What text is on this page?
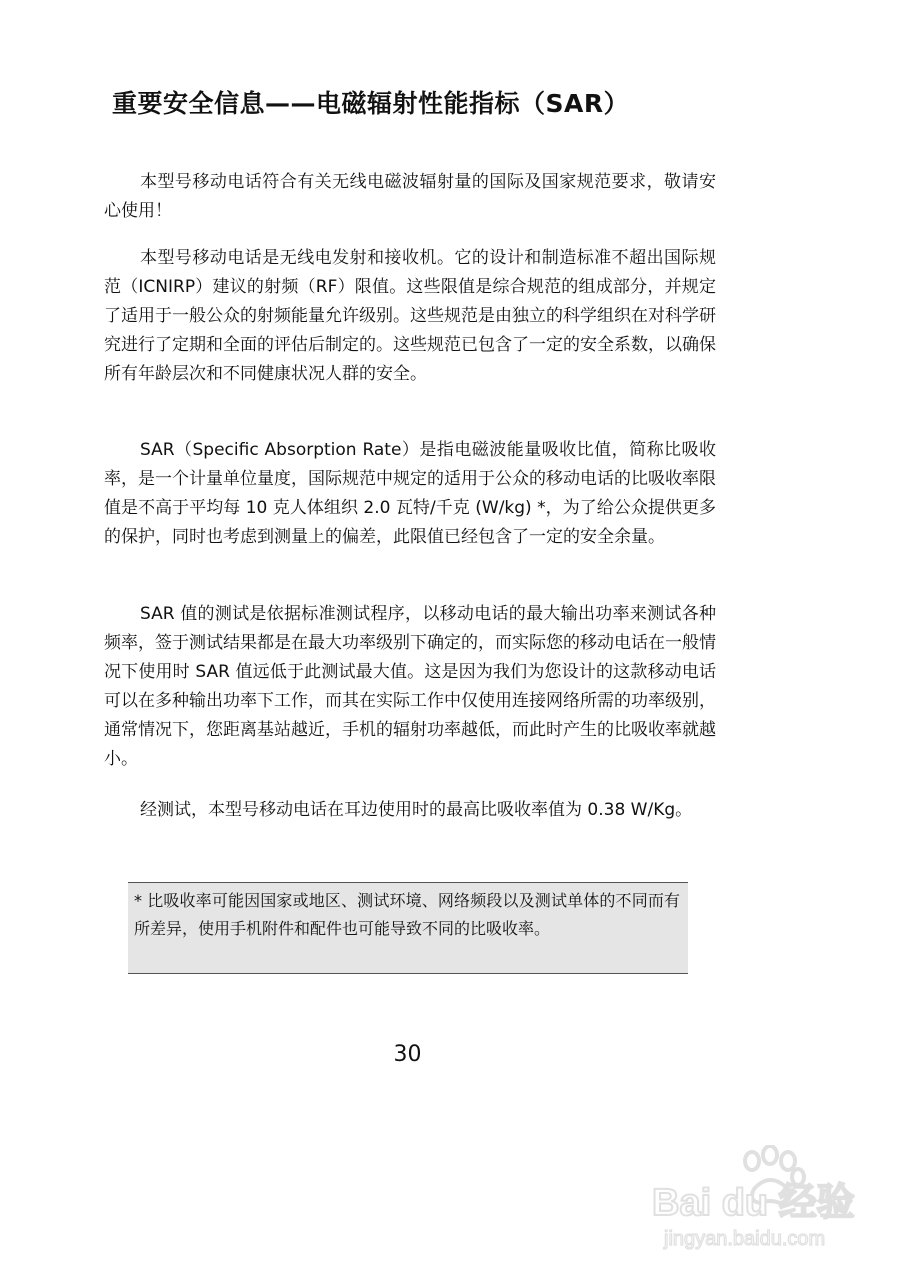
重要安全信息——电磁辐射性能指标（SAR）

本型号移动电话符合有关无线电磁波辐射量的国际及国家规范要求，敬请安心使用！

本型号移动电话是无线电发射和接收机。它的设计和制造标准不超出国际规范（ICNIRP）建议的射频（RF）限值。这些限值是综合规范的组成部分，并规定了适用于一般公众的射频能量允许级别。这些规范是由独立的科学组织在对科学研究进行了定期和全面的评估后制定的。这些规范已包含了一定的安全系数，以确保所有年龄层次和不同健康状况人群的安全。

SAR（Specific Absorption Rate）是指电磁波能量吸收比值，简称比吸收率，是一个计量单位量度，国际规范中规定的适用于公众的移动电话的比吸收率限值是不高于平均每 10 克人体组织 2.0 瓦特/千克 (W/kg) *，为了给公众提供更多的保护，同时也考虑到测量上的偏差，此限值已经包含了一定的安全余量。

SAR 值的测试是依据标准测试程序，以移动电话的最大输出功率来测试各种频率，签于测试结果都是在最大功率级别下确定的，而实际您的移动电话在一般情况下使用时 SAR 值远低于此测试最大值。这是因为我们为您设计的这款移动电话可以在多种输出功率下工作，而其在实际工作中仅使用连接网络所需的功率级别，通常情况下，您距离基站越近，手机的辐射功率越低，而此时产生的比吸收率就越小。

经测试，本型号移动电话在耳边使用时的最高比吸收率值为 0.38 W/Kg。

* 比吸收率可能因国家或地区、测试环境、网络频段以及测试单体的不同而有所差异，使用手机附件和配件也可能导致不同的比吸收率。

30

Bai du 经验
jingyan.baidu.com
